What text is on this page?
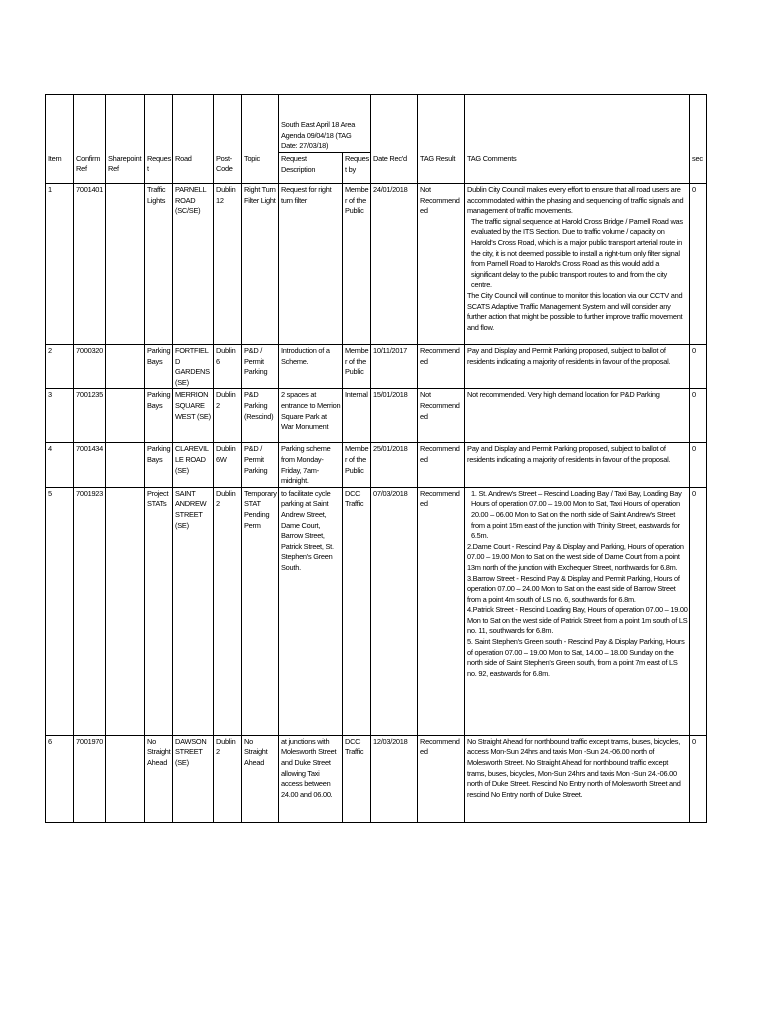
							South East April 18 Area Agenda 09/04/18 (TAG Date: 27/03/18)					
Item	Confirm Ref	Sharepoint Ref	Request	Road	Post-Code	Topic	Request Description	Request by	Date Rec'd	TAG Result	TAG Comments	sec
1	7001401		Traffic Lights	PARNELL ROAD (SC/SE)	Dublin 12	Right Turn Filter Light	Request for right turn filter	Member of the Public	24/01/2018	Not Recommended	Dublin City Council makes every effort to ensure that all road users are accommodated within the phasing and sequencing of traffic signals and management of traffic movements.
The traffic signal sequence at Harold Cross Bridge / Parnell Road was evaluated by the ITS Section. Due to traffic volume / capacity on Harold's Cross Road, which is a major public transport arterial route in the city, it is not deemed possible to install a right-turn only filter signal from Parnell Road to Harold's Cross Road as this would add a significant delay to the public transport routes to and from the city centre.
The City Council will continue to monitor this location via our CCTV and SCATS Adaptive Traffic Management System and will consider any further action that might be possible to further improve traffic movement and flow.	0
2	7000320		Parking Bays	FORTFIELD GARDENS (SE)	Dublin 6	P&D / Permit Parking	Introduction of a Scheme.	Member of the Public	10/11/2017	Recommended	Pay and Display and Permit Parking proposed, subject to ballot of residents indicating a majority of residents in favour of the proposal.	0
3	7001235		Parking Bays	MERRION SQUARE WEST (SE)	Dublin 2	P&D Parking (Rescind)	2 spaces at entrance to Merrion Square Park at War Monument	Internal	15/01/2018	Not Recommended	Not recommended. Very high demand location for P&D Parking	0
4	7001434		Parking Bays	CLAREVILLE ROAD (SE)	Dublin 6W	P&D / Permit Parking	Parking scheme from Monday-Friday, 7am-midnight.	Member of the Public	25/01/2018	Recommended	Pay and Display and Permit Parking proposed, subject to ballot of residents indicating a majority of residents in favour of the proposal.	0
5	7001923		Project STATs	SAINT ANDREW STREET (SE)	Dublin 2	Temporary STAT Pending Perm	to facilitate cycle parking at Saint Andrew Street, Dame Court, Barrow Street, Patrick Street, St. Stephen's Green South.	DCC Traffic	07/03/2018	Recommended	1. St. Andrew's Street – Rescind Loading Bay / Taxi Bay, Loading Bay Hours of operation 07.00 – 19.00 Mon to Sat, Taxi Hours of operation 20.00 – 06.00 Mon to Sat on the north side of Saint Andrew's Street from a point 15m east of the junction with Trinity Street, eastwards for 6.5m.
2.Dame Court - Rescind Pay & Display and Parking, Hours of operation 07.00 – 19.00 Mon to Sat on the west side of Dame Court from a point 13m north of the junction with Exchequer Street, northwards for 6.8m.
3.Barrow Street - Rescind Pay & Display and Permit Parking, Hours of operation 07.00 – 24.00 Mon to Sat on the east side of Barrow Street from a point 4m south of LS no. 6, southwards for 6.8m.
4.Patrick Street - Rescind Loading Bay, Hours of operation 07.00 – 19.00 Mon to Sat on the west side of Patrick Street from a point 1m south of LS no. 11, southwards for 6.8m.
5. Saint Stephen's Green south - Rescind Pay & Display Parking, Hours of operation 07.00 – 19.00 Mon to Sat, 14.00 – 18.00 Sunday on the north side of Saint Stephen's Green south, from a point 7m east of LS no. 92, eastwards for 6.8m.	0
6	7001970		No Straight Ahead	DAWSON STREET (SE)	Dublin 2	No Straight Ahead	at junctions with Molesworth Street and Duke Street allowing Taxi access between 24.00 and 06.00.	DCC Traffic	12/03/2018	Recommended	No Straight Ahead for northbound traffic except trams, buses, bicycles, access Mon-Sun 24hrs and taxis Mon -Sun 24.-06.00 north of Molesworth Street. No Straight Ahead for northbound traffic except trams, buses, bicycles, Mon-Sun 24hrs and taxis Mon -Sun 24.-06.00 north of Duke Street. Rescind No Entry north of Molesworth Street and rescind No Entry north of Duke Street.	0
